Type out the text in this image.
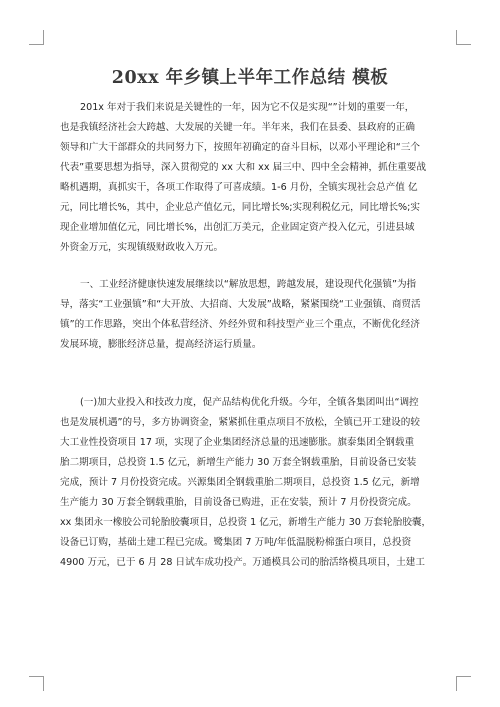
20xx 年乡镇上半年工作总结 模板
201x 年对于我们来说是关键性的一年，因为它不仅是实现“”计划的重要一年，
也是我镇经济社会大跨越、大发展的关键一年。半年来，我们在县委、县政府的正确
领导和广大干部群众的共同努力下，按照年初确定的奋斗目标，以邓小平理论和“三个
代表”重要思想为指导，深入贯彻党的 xx 大和 xx 届三中、四中全会精神，抓住重要战
略机遇期，真抓实干，各项工作取得了可喜成绩。1-6 月份，全镇实现社会总产值 亿
元，同比增长%，其中，企业总产值亿元，同比增长%;实现利税亿元，同比增长%;实
现企业增加值亿元，同比增长%，出创汇万美元，企业固定资产投入亿元，引进县域
外资金万元，实现镇级财政收入万元。
一、工业经济健康快速发展继续以“解放思想，跨越发展，建设现代化强镇”为指
导，落实“工业强镇”和“大开放、大招商、大发展”战略，紧紧围绕“工业强镇、商贸活
镇”的工作思路，突出个体私营经济、外经外贸和科技型产业三个重点，不断优化经济
发展环境，膨胀经济总量，提高经济运行质量。
(一)加大业投入和技改力度，促产品结构优化升级。今年，全镇各集团叫出“调控
也是发展机遇”的号，多方协调资金，紧紧抓住重点项目不放松，全镇已开工建设的较
大工业性投资项目 17 项，实现了企业集团经济总量的迅速膨胀。旗泰集团全钢载重
胎二期项目，总投资 1.5 亿元，新增生产能力 30 万套全钢载重胎，目前设备已安装
完成，预计 7 月份投资完成。兴源集团全钢载重胎二期项目，总投资 1.5 亿元，新增
生产能力 30 万套全钢载重胎，目前设备已购进，正在安装，预计 7 月份投资完成。
xx 集团永一橡胶公司轮胎胶囊项目，总投资 1 亿元，新增生产能力 30 万套轮胎胶囊，
设备已订购，基础土建工程已完成。鹭集团 7 万吨/年低温脱粉棉蛋白项目，总投资
4900 万元，已于 6 月 28 日试车成功投产。万通模具公司的胎活络模具项目，土建工
